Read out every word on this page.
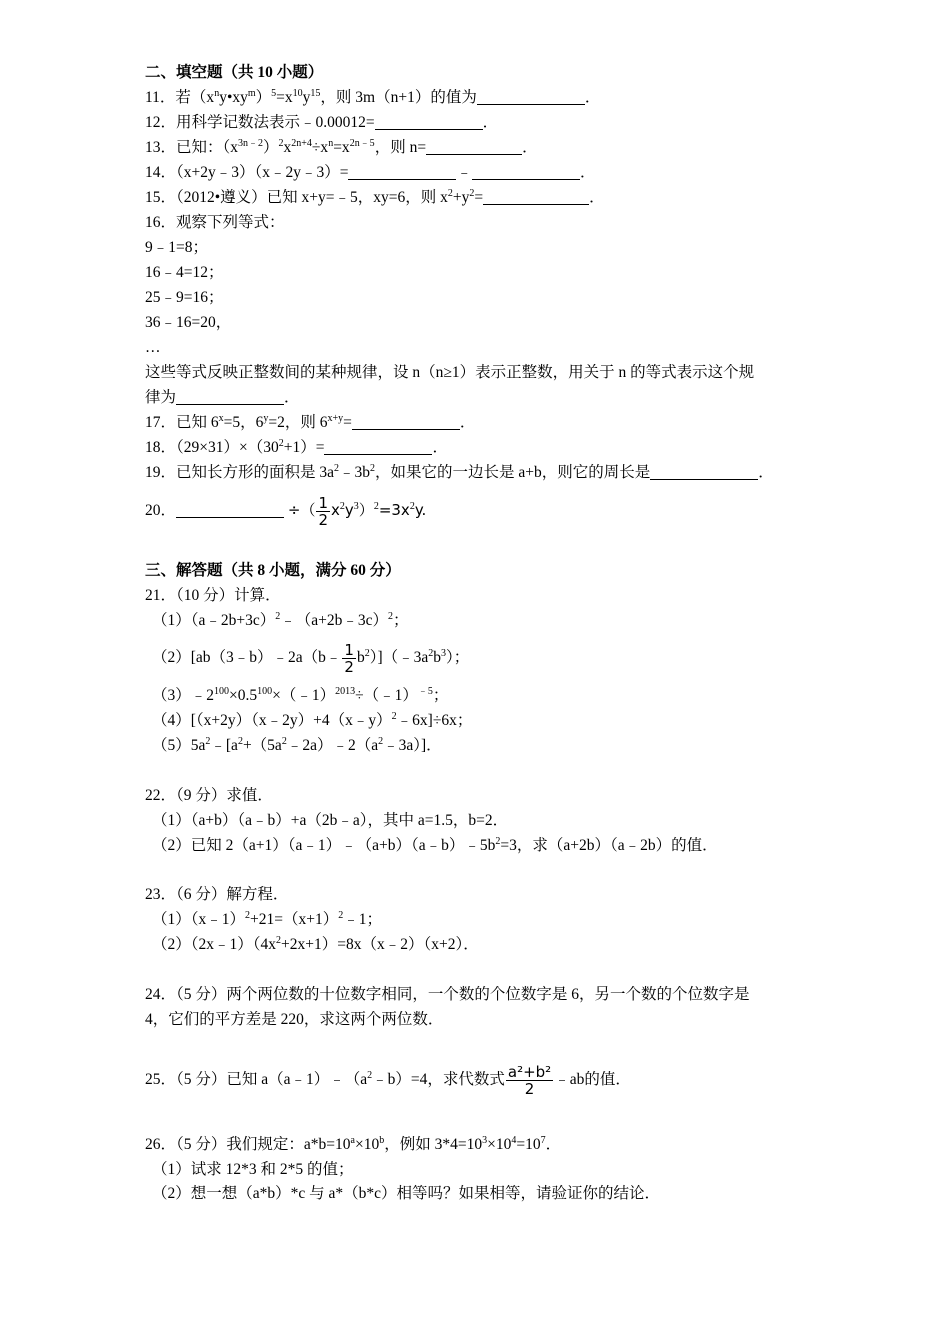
二、填空题（共 10 小题）
11．若$(x^ny•xy^m)^5=x^{10}y^{15}$，则 3m（n+1）的值为	．
12．用科学记数法表示﹣0.00012=	．
13．已知：$(x^{3n﹣2})^2x^{2n+4}\div x^n=x^{2n﹣5}$，则 n=	．
14．（x+2y﹣3）（x﹣2y﹣3）=	﹣	．
15．（2012•遵义）已知 x+y=﹣5，xy=6，则 $x^2+y^2=$	．
16．观察下列等式：
9﹣1=8；
16﹣4=12；
25﹣9=16；
36﹣16=20，
…
这些等式反映正整数间的某种规律，设 n（n≥1）表示正整数，用关于 n 的等式表示这个规
律为	．
17．已知 $6^x=5$，$6^y=2$，则 $6^{x+y}=$	．
18．$(29\times 31)\times(30^2+1)=$	．
19．已知长方形的面积是 $3a^2﹣3b^2$，如果它的一边长是 a+b，则它的周长是	．
20．	÷（ $\frac{1}{2} x^2y^3)^2=3x^2y$.
三、解答题（共 8 小题，满分 60 分）
21．（10 分）计算．
（1）（a﹣2b+3c）$^2$﹣（a+2b﹣3c）$^2$；
（2）[ab（3﹣b）﹣2a（b﹣ $\frac{1}{2}$ $b^2)](﹣3a^2b^3)$；
$(3)﹣2^{100}\times 0.5^{100}\times(﹣1)^{2013}\div(﹣1)^{﹣5}$；
（4）[（x+2y）（x﹣2y）+4（x﹣y）$^2$﹣6x]÷6x；
$(5)5a^2﹣[a^2+(5a^2﹣2a)﹣2(a^2﹣3a)]$．
22．（9 分）求值．
（1）（a+b）（a﹣b）+a（2b﹣a），其中 a=1.5，b=2．
（2）已知 $2(a+1)(a﹣1)﹣(a+b)(a﹣b)﹣5b^2=3$，求（a+2b）（a﹣2b）的值．
23．（6 分）解方程．
$(1)(x﹣1)^2+21=(x+1)^2﹣1$；
$(2)(2x﹣1)(4x^2+2x+1)=8x(x﹣2)(x+2)$．
24．（5 分）两个两位数的十位数字相同，一个数的个位数字是 6，另一个数的个位数字是
4，它们的平方差是 220，求这两个两位数．
25．（5 分）已知 $a(a﹣1)﹣(a^2﹣b)=4$，求代数式 $\frac{\text{a²+b²}}{2}$ ﹣ab的值．
26．（5 分）我们规定：$a*b=10^a\times 10^b$，例如 $3*4=10^3\times 10^4=10^7$．
（1）试求 12*3 和 2*5 的值；
（2）想一想（a*b）*c 与 a*（b*c）相等吗？如果相等，请验证你的结论．
